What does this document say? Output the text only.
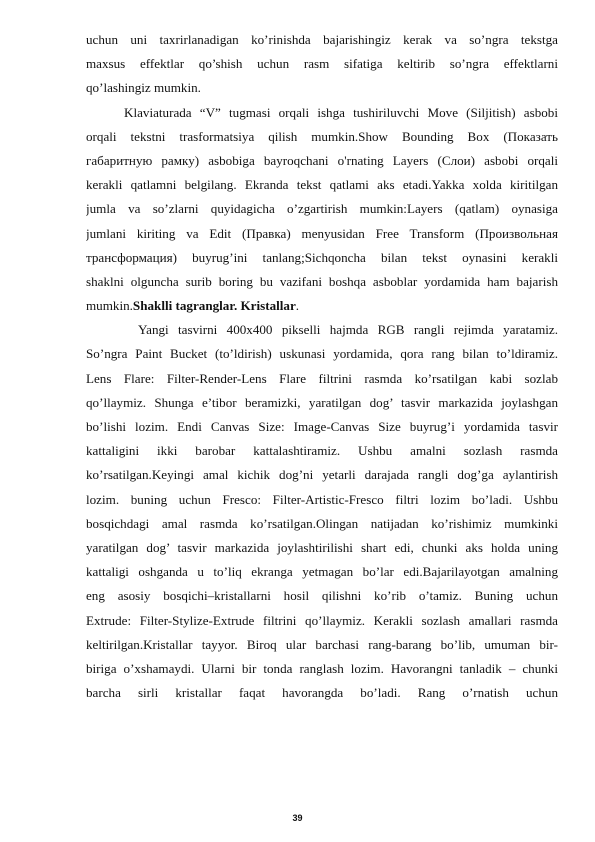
uchun uni taxrirlanadigan ko’rinishda bajarishingiz kerak va so’ngra tekstga
maxsus effektlar qo’shish uchun rasm sifatiga keltirib so’ngra effektlarni
qo’lashingiz mumkin.
Klaviaturada “V” tugmasi orqali ishga tushiriluvchi Move (Siljitish) asbobi
orqali tekstni trasformatsiya qilish mumkin.Show Bounding Box (Показать
габаритную рамку) asbobiga bayroqchani o'rnating Layers (Слои) asbobi orqali
kerakli qatlamni belgilang. Ekranda tekst qatlami aks etadi.Yakka xolda kiritilgan
jumla va so’zlarni quyidagicha o’zgartirish mumkin:Layers (qatlam) oynasiga
jumlani kiriting va Edit (Правка) menyusidan Free Transform (Произвольная
трансформация) buyrug’ini tanlang;Sichqoncha bilan tekst oynasini kerakli
shaklni olguncha surib boring bu vazifani boshqa asboblar yordamida ham bajarish
mumkin.Shaklli tagranglar. Kristallar.
Yangi tasvirni 400x400 pikselli hajmda RGB rangli rejimda yaratamiz.
So’ngra Paint Bucket (to’ldirish) uskunasi yordamida, qora rang bilan to’ldiramiz.
Lens Flare: Filter-Render-Lens Flare filtrini rasmda ko’rsatilgan kabi sozlab
qo’llaymiz. Shunga e’tibor beramizki, yaratilgan dog’ tasvir markazida joylashgan
bo’lishi lozim. Endi Canvas Size: Image-Canvas Size buyrug’i yordamida tasvir
kattaligini ikki barobar kattalashtiramiz. Ushbu amalni sozlash rasmda
ko’rsatilgan.Keyingi amal kichik dog’ni yetarli darajada rangli dog’ga aylantirish
lozim. buning uchun Fresco: Filter-Artistic-Fresco filtri lozim bo’ladi. Ushbu
bosqichdagi amal rasmda ko’rsatilgan.Olingan natijadan ko’rishimiz mumkinki
yaratilgan dog’ tasvir markazida joylashtirilishi shart edi, chunki aks holda uning
kattaligi oshganda u to’liq ekranga yetmagan bo’lar edi.Bajarilayotgan amalning
eng asosiy bosqichi–kristallarni hosil qilishni ko’rib o’tamiz. Buning uchun
Extrude: Filter-Stylize-Extrude filtrini qo’llaymiz. Kerakli sozlash amallari rasmda
keltirilgan.Kristallar tayyor. Biroq ular barchasi rang-barang bo’lib, umuman bir-
biriga o’xshamaydi. Ularni bir tonda ranglash lozim. Havorangni tanladik – chunki
barcha sirli kristallar faqat havorangda bo’ladi. Rang o’rnatish uchun
39
